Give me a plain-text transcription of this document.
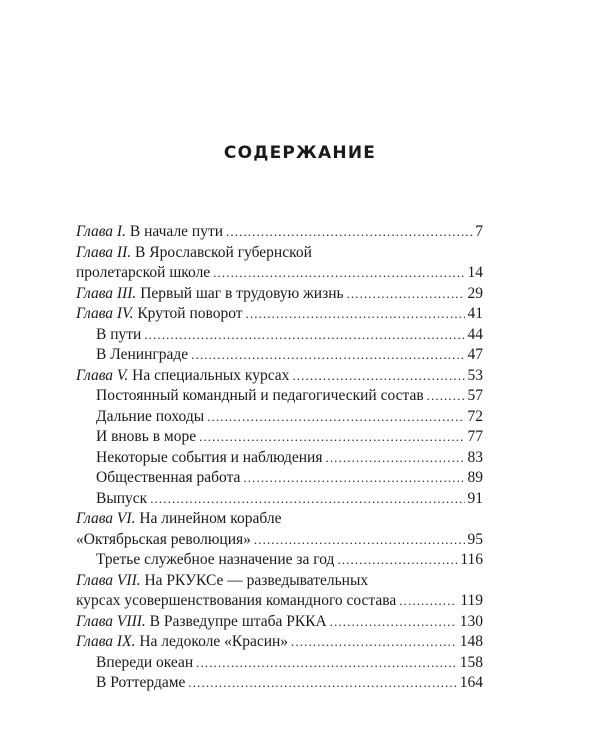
СОДЕРЖАНИЕ
Глава I. В начале пути .....	7
Глава II. В Ярославской губернской
пролетарской школе .....	14
Глава III. Первый шаг в трудовую жизнь .....	29
Глава IV. Крутой поворот .....	41
В пути .....	44
В Ленинграде .....	47
Глава V. На специальных курсах .....	53
Постоянный командный и педагогический состав .....	57
Дальние походы .....	72
И вновь в море .....	77
Некоторые события и наблюдения .....	83
Общественная работа .....	89
Выпуск .....	91
Глава VI. На линейном корабле
«Октябрьская революция» .....	95
Третье служебное назначение за год .....	116
Глава VII. На РКУКСе — разведывательных
курсах усовершенствования командного состава .....	119
Глава VIII. В Разведупре штаба РККА .....	130
Глава IX. На ледоколе «Красин» .....	148
Впереди океан .....	158
В Роттердаме .....	164
